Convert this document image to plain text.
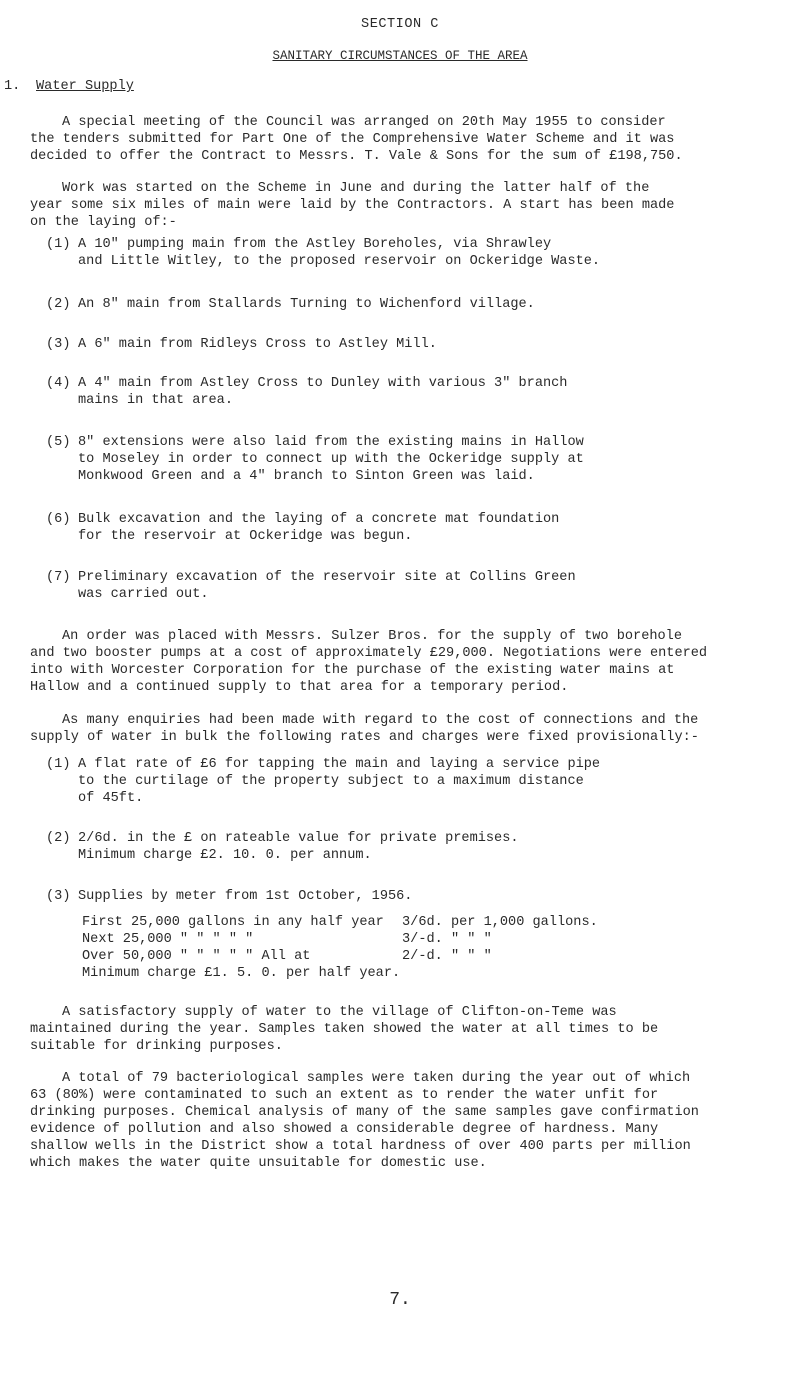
SECTION C
SANITARY CIRCUMSTANCES OF THE AREA
1. Water Supply
A special meeting of the Council was arranged on 20th May 1955 to consider
the tenders submitted for Part One of the Comprehensive Water Scheme and it was
decided to offer the Contract to Messrs. T. Vale & Sons for the sum of £198,750.
Work was started on the Scheme in June and during the latter half of the
year some six miles of main were laid by the Contractors. A start has been made
on the laying of:-
(1) A 10" pumping main from the Astley Boreholes, via Shrawley
and Little Witley, to the proposed reservoir on Ockeridge Waste.
(2) An 8" main from Stallards Turning to Wichenford village.
(3) A 6" main from Ridleys Cross to Astley Mill.
(4) A 4" main from Astley Cross to Dunley with various 3" branch
mains in that area.
(5) 8" extensions were also laid from the existing mains in Hallow
to Moseley in order to connect up with the Ockeridge supply at
Monkwood Green and a 4" branch to Sinton Green was laid.
(6) Bulk excavation and the laying of a concrete mat foundation
for the reservoir at Ockeridge was begun.
(7) Preliminary excavation of the reservoir site at Collins Green
was carried out.
An order was placed with Messrs. Sulzer Bros. for the supply of two borehole
and two booster pumps at a cost of approximately £29,000. Negotiations were entered
into with Worcester Corporation for the purchase of the existing water mains at
Hallow and a continued supply to that area for a temporary period.
As many enquiries had been made with regard to the cost of connections and the
supply of water in bulk the following rates and charges were fixed provisionally:-
(1) A flat rate of £6 for tapping the main and laying a service pipe
to the curtilage of the property subject to a maximum distance
of 45ft.
(2) 2/6d. in the £ on rateable value for private premises.
Minimum charge £2. 10. 0. per annum.
(3) Supplies by meter from 1st October, 1956.
First 25,000 gallons in any half year	3/6d. per 1,000 gallons.
Next 25,000 " " " " "	3/-d. " " "
Over 50,000 " " " " " All at	2/-d. " " "
Minimum charge £1. 5. 0. per half year.
A satisfactory supply of water to the village of Clifton-on-Teme was
maintained during the year. Samples taken showed the water at all times to be
suitable for drinking purposes.
A total of 79 bacteriological samples were taken during the year out of which
63 (80%) were contaminated to such an extent as to render the water unfit for
drinking purposes. Chemical analysis of many of the same samples gave confirmation
evidence of pollution and also showed a considerable degree of hardness. Many
shallow wells in the District show a total hardness of over 400 parts per million
which makes the water quite unsuitable for domestic use.
7.
